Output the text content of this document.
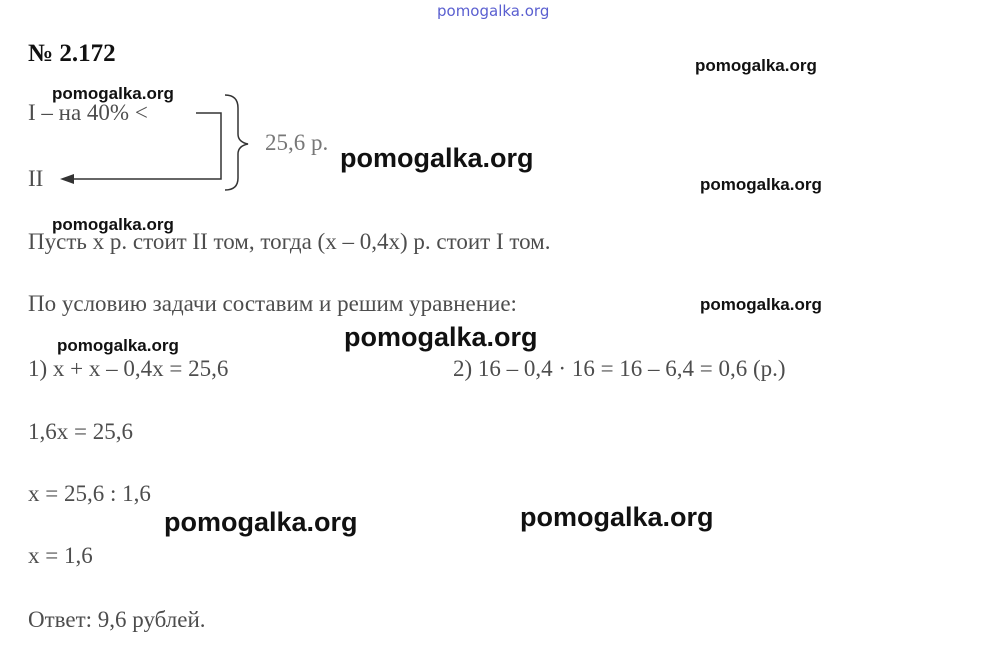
pomogalka.org
№ 2.172
I – на 40% <
II
25,6 р.
Пусть x р. стоит II том, тогда (x – 0,4x) р. стоит I том.
По условию задачи составим и решим уравнение:
1) x + x – 0,4x = 25,6	2) 16 – 0,4 · 16 = 16 – 6,4 = 0,6 (р.)
1,6x = 25,6
x = 25,6 : 1,6
x = 1,6
Ответ: 9,6 рублей.
pomogalka.org
pomogalka.org
pomogalka.org
pomogalka.org
pomogalka.org
pomogalka.org
pomogalka.org
pomogalka.org
pomogalka.org
pomogalka.org
